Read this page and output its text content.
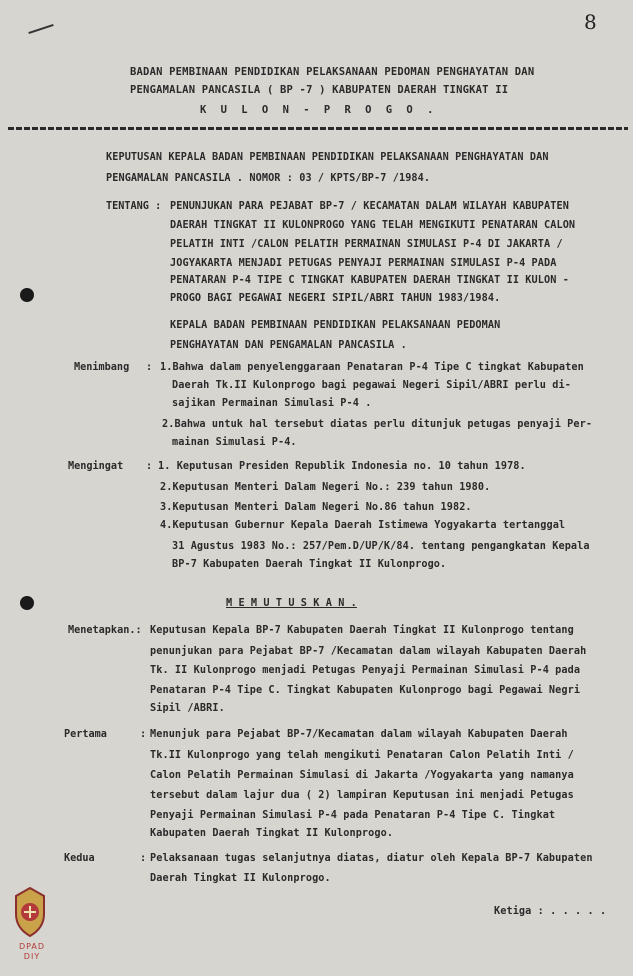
8
BADAN PEMBINAAN PENDIDIKAN PELAKSANAAN PEDOMAN PENGHAYATAN DAN
PENGAMALAN PANCASILA ( BP -7 ) KABUPATEN DAERAH TINGKAT II
K U L O N - P R O G O .
KEPUTUSAN KEPALA BADAN PEMBINAAN PENDIDIKAN PELAKSANAAN PENGHAYATAN DAN
PENGAMALAN PANCASILA . NOMOR : 03 / KPTS/BP-7 /1984.
TENTANG : PENUNJUKAN PARA PEJABAT BP-7 / KECAMATAN DALAM WILAYAH KABUPATEN
DAERAH TINGKAT II KULONPROGO YANG TELAH MENGIKUTI PENATARAN CALON
PELATIH INTI /CALON PELATIH PERMAINAN SIMULASI P-4 DI JAKARTA /
JOGYAKARTA MENJADI PETUGAS PENYAJI PERMAINAN SIMULASI P-4 PADA
PENATARAN P-4 TIPE C TINGKAT KABUPATEN DAERAH TINGKAT II KULON -
PROGO BAGI PEGAWAI NEGERI SIPIL/ABRI TAHUN 1983/1984.
KEPALA BADAN PEMBINAAN PENDIDIKAN PELAKSANAAN PEDOMAN
PENGHAYATAN DAN PENGAMALAN PANCASILA .
Menimbang : 1.Bahwa dalam penyelenggaraan Penataran P-4 Tipe C tingkat Kabupaten
Daerah Tk.II Kulonprogo bagi pegawai Negeri Sipil/ABRI perlu di-
sajikan Permainan Simulasi P-4 .
2.Bahwa untuk hal tersebut diatas perlu ditunjuk petugas penyaji Per-
mainan Simulasi P-4.
Mengingat : 1. Keputusan Presiden Republik Indonesia no. 10 tahun 1978.
2.Keputusan Menteri Dalam Negeri No.: 239 tahun 1980.
3.Keputusan Menteri Dalam Negeri No.86 tahun 1982.
4.Keputusan Gubernur Kepala Daerah Istimewa Yogyakarta tertanggal
31 Agustus 1983 No.: 257/Pem.D/UP/K/84. tentang pengangkatan Kepala
BP-7 Kabupaten Daerah Tingkat II Kulonprogo.
M E M U T U S K A N .
Menetapkan.: Keputusan Kepala BP-7 Kabupaten Daerah Tingkat II Kulonprogo tentang
penunjukan para Pejabat BP-7 /Kecamatan dalam wilayah Kabupaten Daerah
Tk. II Kulonprogo menjadi Petugas Penyaji Permainan Simulasi P-4 pada
Penataran P-4 Tipe C. Tingkat Kabupaten Kulonprogo bagi Pegawai Negri
Sipil /ABRI.
Pertama	: Menunjuk para Pejabat BP-7/Kecamatan dalam wilayah Kabupaten Daerah
Tk.II Kulonprogo yang telah mengikuti Penataran Calon Pelatih Inti /
Calon Pelatih Permainan Simulasi di Jakarta /Yogyakarta yang namanya
tersebut dalam lajur dua ( 2) lampiran Keputusan ini menjadi Petugas
Penyaji Permainan Simulasi P-4 pada Penataran P-4 Tipe C. Tingkat
Kabupaten Daerah Tingkat II Kulonprogo.
Kedua	: Pelaksanaan tugas selanjutnya diatas, diatur oleh Kepala BP-7 Kabupaten
Daerah Tingkat II Kulonprogo.
Ketiga : . . . . .
DPAD
DIY
